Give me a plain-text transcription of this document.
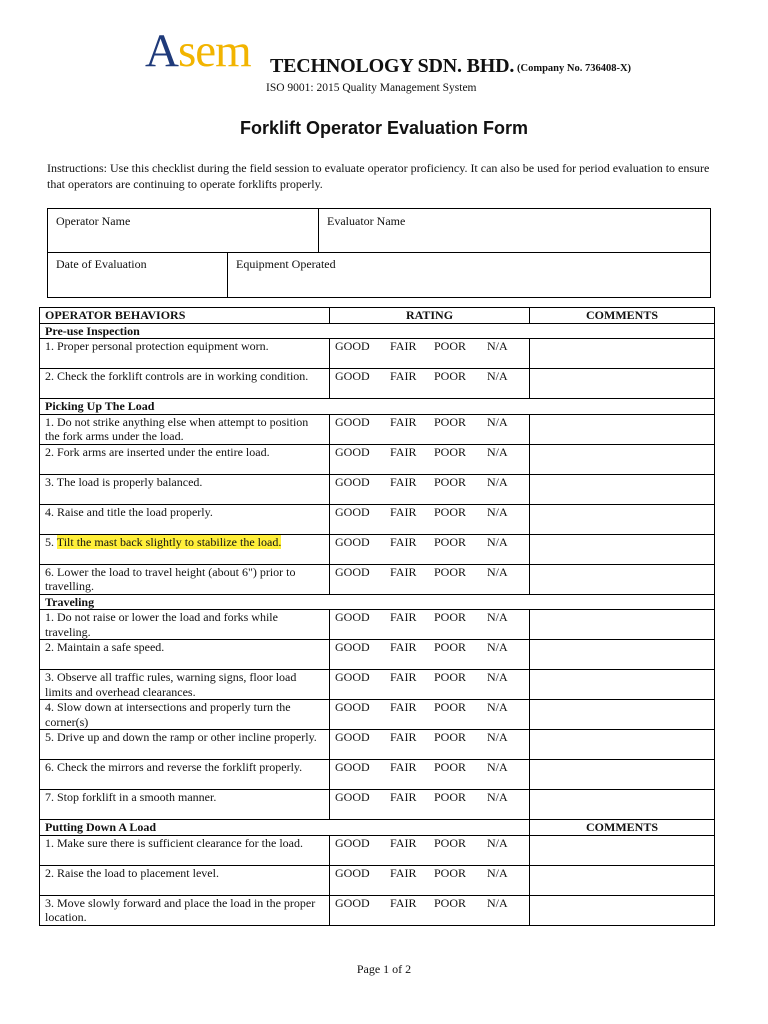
Asem TECHNOLOGY SDN. BHD. (Company No. 736408-X)
ISO 9001: 2015 Quality Management System
Forklift Operator Evaluation Form
Instructions: Use this checklist during the field session to evaluate operator proficiency. It can also be used for period evaluation to ensure that operators are continuing to operate forklifts properly.
Operator Name	Evaluator Name
Date of Evaluation	Equipment Operated
OPERATOR BEHAVIORS	RATING	COMMENTS
Pre-use Inspection		
1. Proper personal protection equipment worn.	GOOD FAIR POOR N/A	
2. Check the forklift controls are in working condition.	GOOD FAIR POOR N/A	
Picking Up The Load		
1. Do not strike anything else when attempt to position the fork arms under the load.	GOOD FAIR POOR N/A	
2. Fork arms are inserted under the entire load.	GOOD FAIR POOR N/A	
3. The load is properly balanced.	GOOD FAIR POOR N/A	
4. Raise and title the load properly.	GOOD FAIR POOR N/A	
5. Tilt the mast back slightly to stabilize the load.	GOOD FAIR POOR N/A	
6. Lower the load to travel height (about 6") prior to travelling.	GOOD FAIR POOR N/A	
Traveling		
1. Do not raise or lower the load and forks while traveling.	GOOD FAIR POOR N/A	
2. Maintain a safe speed.	GOOD FAIR POOR N/A	
3. Observe all traffic rules, warning signs, floor load limits and overhead clearances.	GOOD FAIR POOR N/A	
4. Slow down at intersections and properly turn the corner(s)	GOOD FAIR POOR N/A	
5. Drive up and down the ramp or other incline properly.	GOOD FAIR POOR N/A	
6. Check the mirrors and reverse the forklift properly.	GOOD FAIR POOR N/A	
7. Stop forklift in a smooth manner.	GOOD FAIR POOR N/A	
Putting Down A Load		COMMENTS
1. Make sure there is sufficient clearance for the load.	GOOD FAIR POOR N/A	
2. Raise the load to placement level.	GOOD FAIR POOR N/A	
3. Move slowly forward and place the load in the proper location.	GOOD FAIR POOR N/A	
Page 1 of 2
